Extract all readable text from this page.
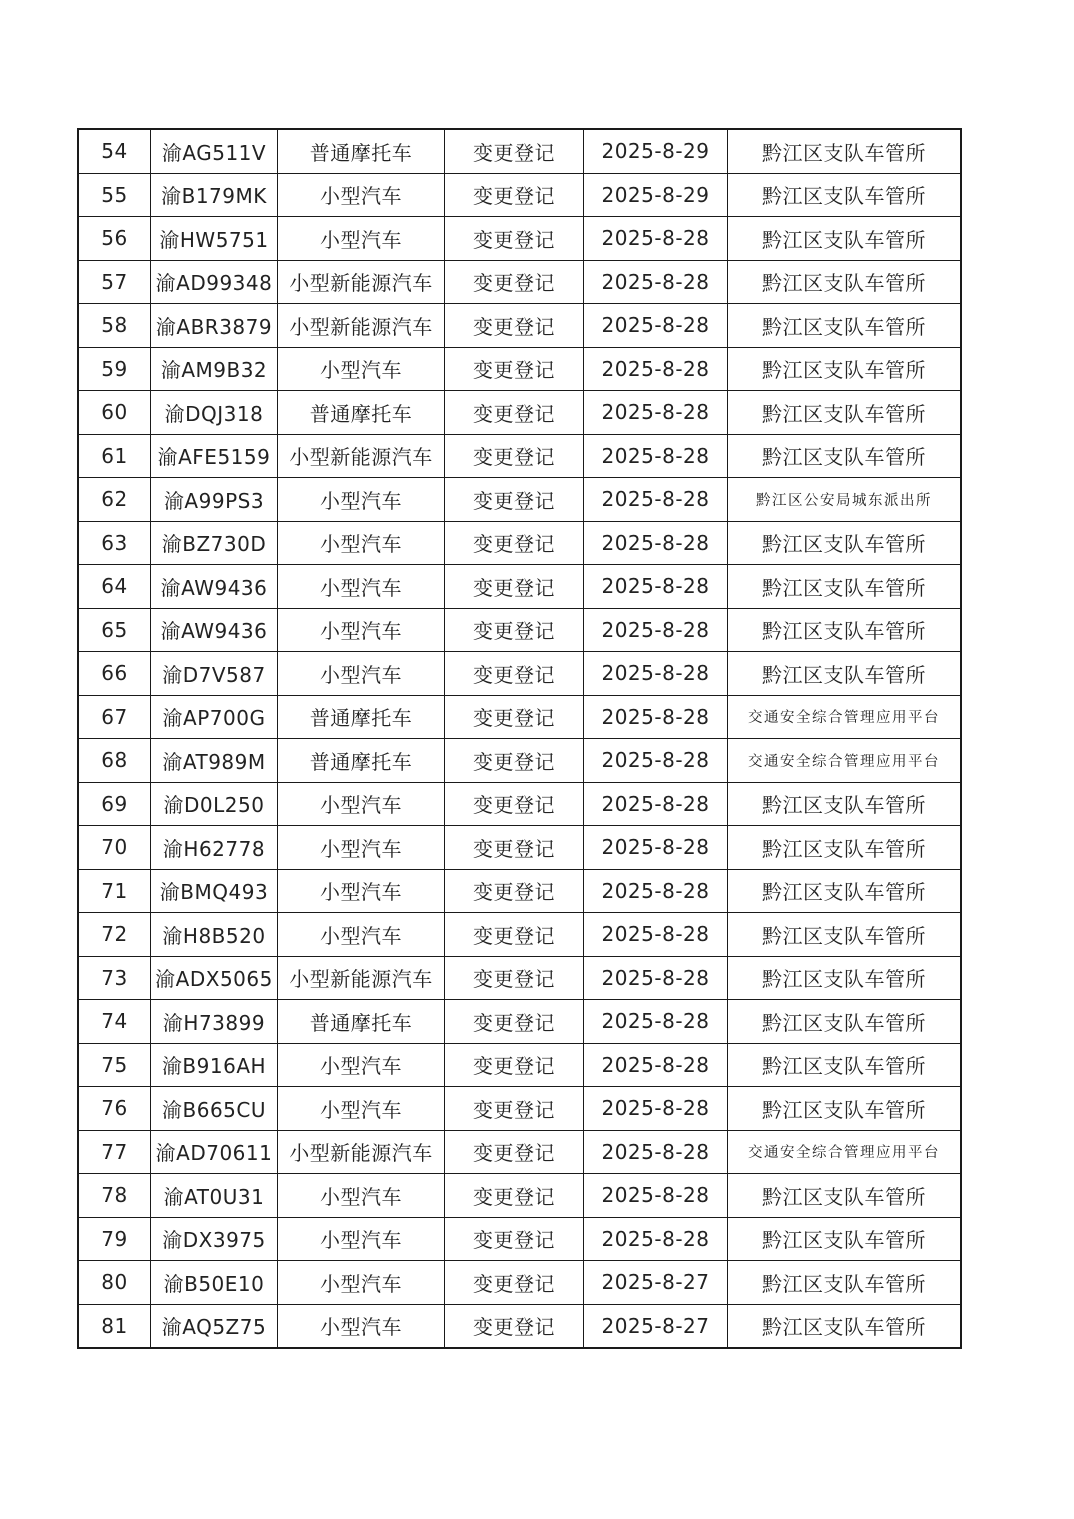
54	渝AG511V	普通摩托车	变更登记	2025-8-29	黔江区支队车管所
55	渝B179MK	小型汽车	变更登记	2025-8-29	黔江区支队车管所
56	渝HW5751	小型汽车	变更登记	2025-8-28	黔江区支队车管所
57	渝AD99348	小型新能源汽车	变更登记	2025-8-28	黔江区支队车管所
58	渝ABR3879	小型新能源汽车	变更登记	2025-8-28	黔江区支队车管所
59	渝AM9B32	小型汽车	变更登记	2025-8-28	黔江区支队车管所
60	渝DQJ318	普通摩托车	变更登记	2025-8-28	黔江区支队车管所
61	渝AFE5159	小型新能源汽车	变更登记	2025-8-28	黔江区支队车管所
62	渝A99PS3	小型汽车	变更登记	2025-8-28	黔江区公安局城东派出所
63	渝BZ730D	小型汽车	变更登记	2025-8-28	黔江区支队车管所
64	渝AW9436	小型汽车	变更登记	2025-8-28	黔江区支队车管所
65	渝AW9436	小型汽车	变更登记	2025-8-28	黔江区支队车管所
66	渝D7V587	小型汽车	变更登记	2025-8-28	黔江区支队车管所
67	渝AP700G	普通摩托车	变更登记	2025-8-28	交通安全综合管理应用平台
68	渝AT989M	普通摩托车	变更登记	2025-8-28	交通安全综合管理应用平台
69	渝D0L250	小型汽车	变更登记	2025-8-28	黔江区支队车管所
70	渝H62778	小型汽车	变更登记	2025-8-28	黔江区支队车管所
71	渝BMQ493	小型汽车	变更登记	2025-8-28	黔江区支队车管所
72	渝H8B520	小型汽车	变更登记	2025-8-28	黔江区支队车管所
73	渝ADX5065	小型新能源汽车	变更登记	2025-8-28	黔江区支队车管所
74	渝H73899	普通摩托车	变更登记	2025-8-28	黔江区支队车管所
75	渝B916AH	小型汽车	变更登记	2025-8-28	黔江区支队车管所
76	渝B665CU	小型汽车	变更登记	2025-8-28	黔江区支队车管所
77	渝AD70611	小型新能源汽车	变更登记	2025-8-28	交通安全综合管理应用平台
78	渝AT0U31	小型汽车	变更登记	2025-8-28	黔江区支队车管所
79	渝DX3975	小型汽车	变更登记	2025-8-28	黔江区支队车管所
80	渝B50E10	小型汽车	变更登记	2025-8-27	黔江区支队车管所
81	渝AQ5Z75	小型汽车	变更登记	2025-8-27	黔江区支队车管所
